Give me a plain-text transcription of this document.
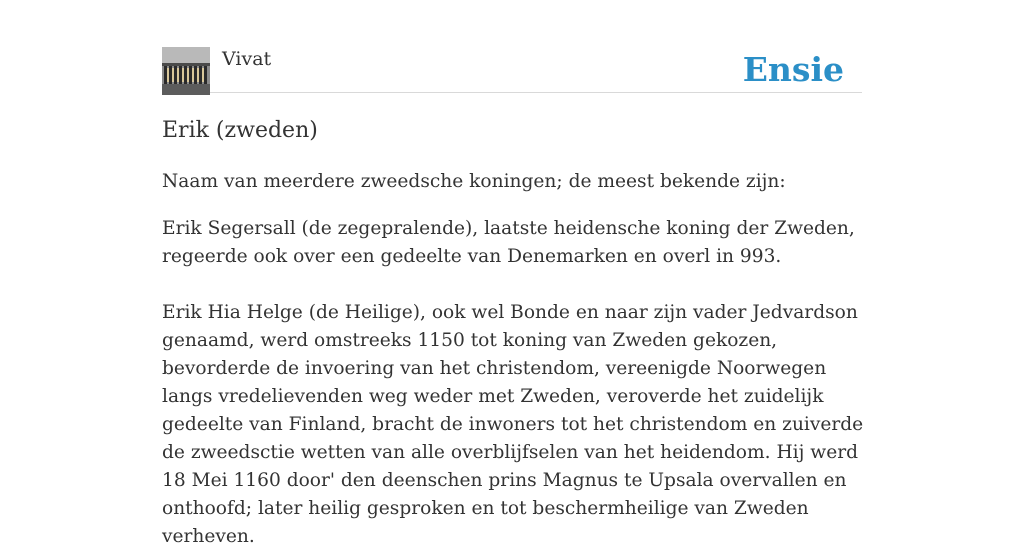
Vivat	Ensie
Erik (zweden)

Naam van meerdere zweedsche koningen; de meest bekende zijn:

Erik Segersall (de zegepralende), laatste heidensche koning der Zweden, regeerde ook over een gedeelte van Denemarken en overl in 993.

Erik Hia Helge (de Heilige), ook wel Bonde en naar zijn vader Jedvardson genaamd, werd omstreeks 1150 tot koning van Zweden gekozen, bevorderde de invoering van het christendom, vereenigde Noorwegen langs vredelievenden weg weder met Zweden, veroverde het zuidelijk gedeelte van Finland, bracht de inwoners tot het christendom en zuiverde de zweedsctie wetten van alle overblijfselen van het heidendom. Hij werd 18 Mei 1160 door' den deenschen prins Magnus te Upsala overvallen en onthoofd; later heilig gesproken en tot beschermheilige van Zweden verheven.
